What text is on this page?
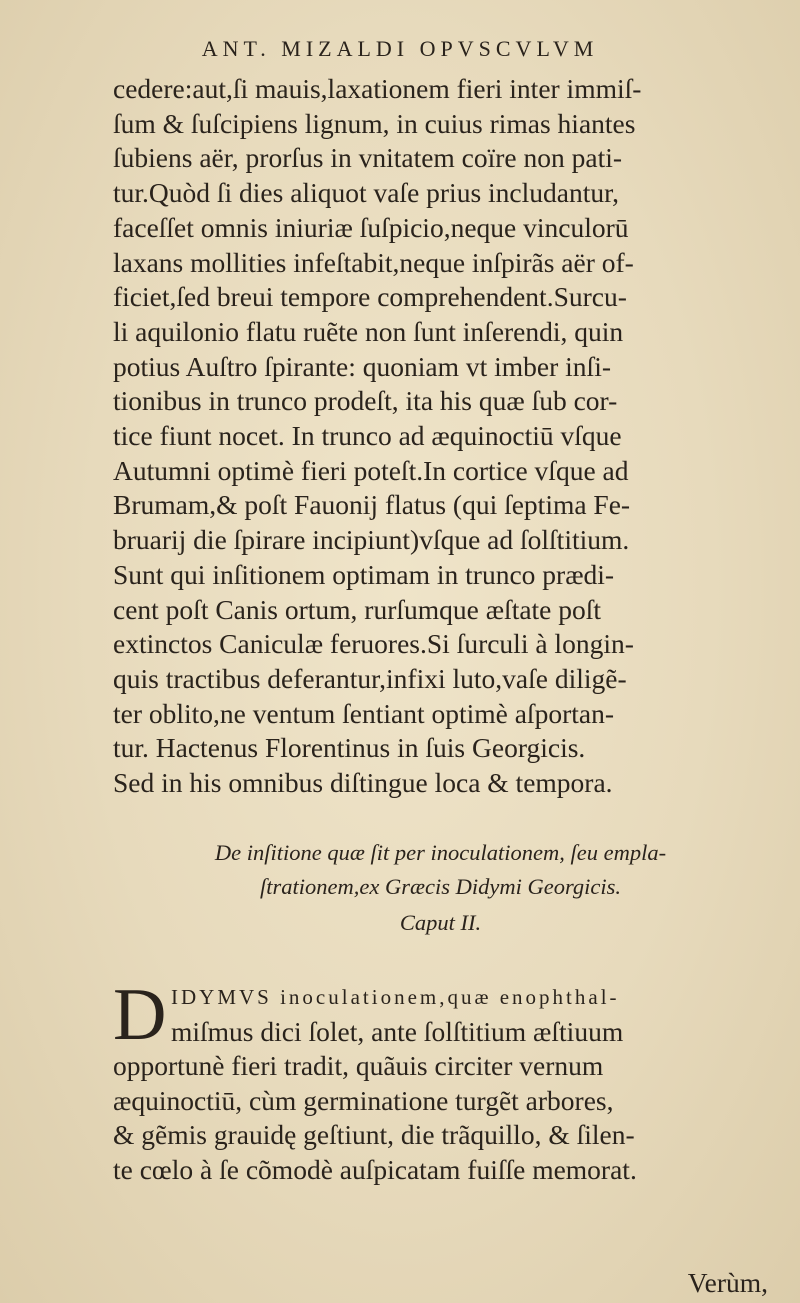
ANT. MIZALDI OPVSCVLVM
cedere:aut,ſi mauis,laxationem fieri inter immiſ-
ſum & ſuſcipiens lignum, in cuius rimas hiantes
ſubiens aër, prorſus in vnitatem coïre non pati-
tur.Quòd ſi dies aliquot vaſe prius includantur,
faceſſet omnis iniuriæ ſuſpicio,neque vinculorū
laxans mollities infeſtabit,neque inſpirãs aër of-
ficiet,ſed breui tempore comprehendent.Surcu-
li aquilonio flatu ruẽte non ſunt inſerendi, quin
potius Auſtro ſpirante: quoniam vt imber inſi-
tionibus in trunco prodeſt, ita his quæ ſub cor-
tice fiunt nocet. In trunco ad æquinoctiū vſque
Autumni optimè fieri poteſt.In cortice vſque ad
Brumam,& poſt Fauonij flatus (qui ſeptima Fe-
bruarij die ſpirare incipiunt)vſque ad ſolſtitium.
Sunt qui inſitionem optimam in trunco prædi-
cent poſt Canis ortum, rurſumque æſtate poſt
extinctos Caniculæ feruores.Si ſurculi à longin-
quis tractibus deferantur,infixi luto,vaſe diligẽ-
ter oblito,ne ventum ſentiant optimè aſportan-
tur. Hactenus Florentinus in ſuis Georgicis.
Sed in his omnibus diſtingue loca & tempora.
De inſitione quæ ſit per inoculationem, ſeu empla-
ſtrationem,ex Græcis Didymi Georgicis.
Caput II.
D IDYMVS inoculationem,quæ enophthal-
miſmus dici ſolet, ante ſolſtitium æſtiuum
opportunè fieri tradit, quãuis circiter vernum
æquinoctiū, cùm germinatione turgẽt arbores,
& gẽmis grauidę geſtiunt, die trãquillo, & ſilen-
te cœlo à ſe cõmodè auſpicatam fuiſſe memorat.
Verùm,
